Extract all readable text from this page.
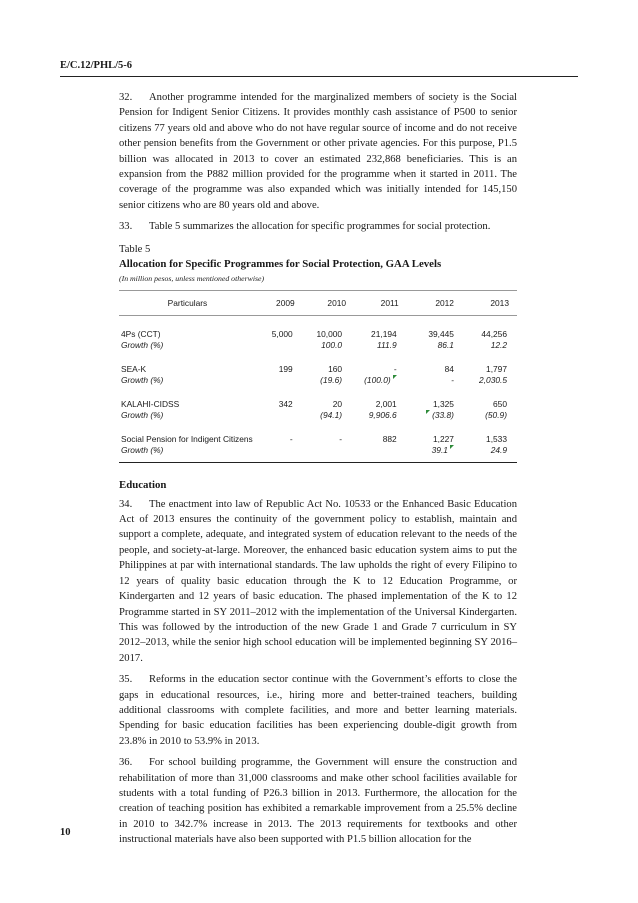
E/C.12/PHL/5-6

32. Another programme intended for the marginalized members of society is the Social Pension for Indigent Senior Citizens. It provides monthly cash assistance of P500 to senior citizens 77 years old and above who do not have regular source of income and do not receive other pension benefits from the Government or other private agencies. For this purpose, P1.5 billion was allocated in 2013 to cover an estimated 232,868 beneficiaries. This is an expansion from the P882 million provided for the programme when it started in 2011. The coverage of the programme was also expanded which was initially intended for 145,150 senior citizens who are 80 years old and above.

33. Table 5 summarizes the allocation for specific programmes for social protection.

Table 5
Allocation for Specific Programmes for Social Protection, GAA Levels
(In million pesos, unless mentioned otherwise)
Particulars	2009	2010	2011	2012	2013

4Ps (CCT)	5,000	10,000	21,194	39,445	44,256
Growth (%)		100.0	111.9	86.1	12.2

SEA-K	199	160	-	84	1,797
Growth (%)		(19.6)	(100.0)	-	2,030.5

KALAHI-CIDSS	342	20	2,001	1,325	650
Growth (%)		(94.1)	9,906.6	(33.8)	(50.9)

Social Pension for Indigent Citizens	-	-	882	1,227	1,533
Growth (%)				39.1	24.9
Education

34. The enactment into law of Republic Act No. 10533 or the Enhanced Basic Education Act of 2013 ensures the continuity of the government policy to establish, maintain and support a complete, adequate, and integrated system of education relevant to the needs of the people, and society-at-large. Moreover, the enhanced basic education system aims to put the Philippines at par with international standards. The law upholds the right of every Filipino to 12 years of quality basic education through the K to 12 Education Programme, or Kindergarten and 12 years of basic education. The phased implementation of the K to 12 Programme started in SY 2011–2012 with the implementation of the Universal Kindergarten. This was followed by the introduction of the new Grade 1 and Grade 7 curriculum in SY 2012–2013, while the senior high school education will be implemented beginning SY 2016–2017.

35. Reforms in the education sector continue with the Government’s efforts to close the gaps in educational resources, i.e., hiring more and better-trained teachers, building additional classrooms with complete facilities, and more and better learning materials. Spending for basic education facilities has been experiencing double-digit growth from 23.8% in 2010 to 53.9% in 2013.

36. For school building programme, the Government will ensure the construction and rehabilitation of more than 31,000 classrooms and make other school facilities available for students with a total funding of P26.3 billion in 2013. Furthermore, the allocation for the creation of teaching position has exhibited a remarkable improvement from a 25.5% decline in 2010 to 342.7% increase in 2013. The 2013 requirements for textbooks and other instructional materials have also been supported with P1.5 billion allocation for the

10
